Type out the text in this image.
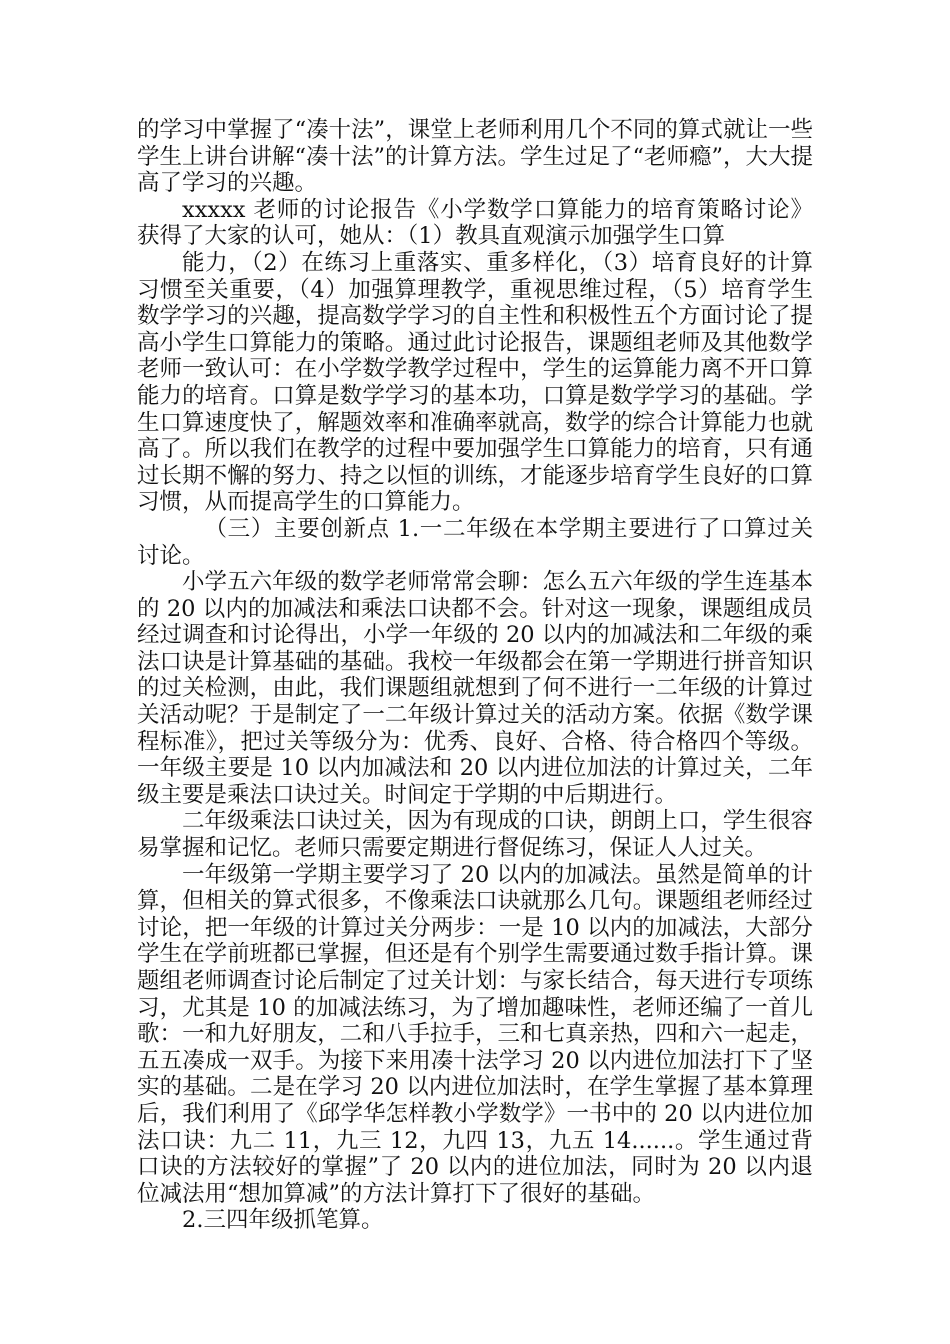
的学习中掌握了“凑十法”，课堂上老师利用几个不同的算式就让一些学生上讲台讲解“凑十法”的计算方法。学生过足了“老师瘾”，大大提高了学习的兴趣。

xxxxx 老师的讨论报告《小学数学口算能力的培育策略讨论》获得了大家的认可，她从：（1）教具直观演示加强学生口算

能力，（2）在练习上重落实、重多样化，（3）培育良好的计算习惯至关重要，（4）加强算理教学，重视思维过程，（5）培育学生数学学习的兴趣，提高数学学习的自主性和积极性五个方面讨论了提高小学生口算能力的策略。通过此讨论报告，课题组老师及其他数学老师一致认可：在小学数学教学过程中，学生的运算能力离不开口算能力的培育。口算是数学学习的基本功，口算是数学学习的基础。学生口算速度快了，解题效率和准确率就高，数学的综合计算能力也就高了。所以我们在教学的过程中要加强学生口算能力的培育，只有通过长期不懈的努力、持之以恒的训练，才能逐步培育学生良好的口算习惯，从而提高学生的口算能力。

（三）主要创新点 1.一二年级在本学期主要进行了口算过关讨论。

小学五六年级的数学老师常常会聊：怎么五六年级的学生连基本的 20 以内的加减法和乘法口诀都不会。针对这一现象，课题组成员经过调查和讨论得出，小学一年级的 20 以内的加减法和二年级的乘法口诀是计算基础的基础。我校一年级都会在第一学期进行拼音知识的过关检测，由此，我们课题组就想到了何不进行一二年级的计算过关活动呢？于是制定了一二年级计算过关的活动方案。依据《数学课程标准》，把过关等级分为：优秀、良好、合格、待合格四个等级。一年级主要是 10 以内加减法和 20 以内进位加法的计算过关，二年级主要是乘法口诀过关。时间定于学期的中后期进行。

二年级乘法口诀过关，因为有现成的口诀，朗朗上口，学生很容易掌握和记忆。老师只需要定期进行督促练习，保证人人过关。

一年级第一学期主要学习了 20 以内的加减法。虽然是简单的计算，但相关的算式很多，不像乘法口诀就那么几句。课题组老师经过讨论，把一年级的计算过关分两步：一是 10 以内的加减法，大部分学生在学前班都已掌握，但还是有个别学生需要通过数手指计算。课题组老师调查讨论后制定了过关计划：与家长结合，每天进行专项练习，尤其是 10 的加减法练习，为了增加趣味性，老师还编了一首儿歌：一和九好朋友，二和八手拉手，三和七真亲热，四和六一起走，五五凑成一双手。为接下来用凑十法学习 20 以内进位加法打下了坚实的基础。二是在学习 20 以内进位加法时，在学生掌握了基本算理后，我们利用了《邱学华怎样教小学数学》一书中的 20 以内进位加法口诀：九二 11，九三 12，九四 13，九五 14......。学生通过背口诀的方法较好的掌握”了 20 以内的进位加法，同时为 20 以内退位减法用“想加算减”的方法计算打下了很好的基础。

2.三四年级抓笔算。
